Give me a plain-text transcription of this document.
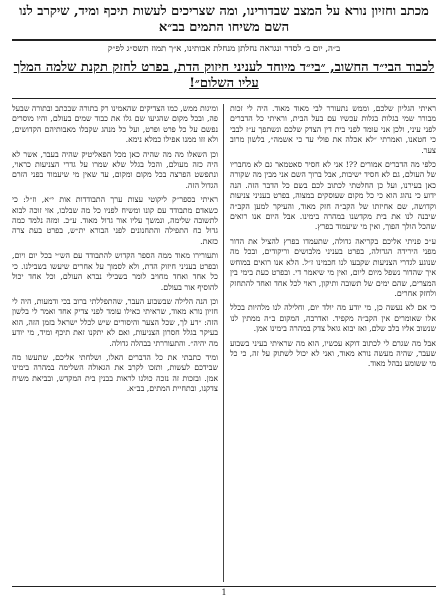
מכתב וחזיון נורא על המצב שבדורינו, ומה שצריכים לעשות תיכף ומיד, שיקרב לנו השם משיחו התמים בב״א
ב״ה, יום ב׳ לסדר ונגראה נחלתן מנחלת אבותינו, א״ך תמוז תשס״ג לפ״ק
לכבוד הבי״ד החשוב, ״בי״ד מיוחד לעניני חיזוק הדת, בפרט לחזק תקנת שלמה המלך עליו השלום״!

ראיתי הגליון שלכם, וממש נתעורר לבי מאוד מאוד. היה לי זכות מבורר שמי בגלות בגלות עכשיו עם בעל הבית, וראיתי כל הדברים לפני עיני, ולכן אני עומד לפני בית דין הצדק שלכם ונשתפך ע״ז לבבי כי חטאנו, ואמרתי ״לא אכלה את פולי עד כי אשמה״, בלשון מרוב צער.

כלפי מה הדברים אמורים ??! אני לא חסיר סאטמאר גם לא מחבריו של העולם, גם לא חסיד ישיבות, אבל ברוך השם אני מבין מה שקורה כאן בעירנו, ועל כן החלטתי לכתוב לכם בשם כל הדבר הזה. הנה ידוע כי נהוג הוא כי כל מקום שעוסקים במצוה, בפרט בעניני צניעות וקדושה, שם אחיזתו של הקב״ה חזק מאוד, והעיקר למען הקב״ה שיבנה לנו את בית מקדשנו במהרה בימינו. אבל היום אנו רואים שהכל הולך הפוך, ואין מי שיעמוד בפרץ.

ע״כ פניתי אליכם בקריאה גדולה, שתעמדו בפרץ להציל את הדור מפני הירידה הגדולה, בפרט בעניני מלבושים וריקודים, ובכל מה שנוגע לגדרי הצניעות שקבעו לנו חכמינו ז״ל. הלא אנו רואים במוחש איך שהדור נשפל מיום ליום, ואין מי שיאמר די. ובפרט כעת בימי בין המצרים, שהם ימים של תשובה ותיקון, ראוי לכל אחד ואחד להתחזק ולחזק אחרים.

כי אם לא נעשה כן, מי יודע מה יולד יום, וחלילה לנו מלהיות בכלל אלו שאומרים אין הקב״ה מקפיד. ואדרבה, המקום ב״ה ממתין לנו שנשוב אליו בלב שלם, ואז יבוא גואל צדק במהרה בימינו אמן.

אבל מה שגרם לי לכתוב דוקא עכשיו, הוא מה שראיתי בעיני בשבוע שעבר, שהיה מעשה נורא מאוד, ואני לא יכול לשתוק על זה, כי כל מי ששומע נבהל מאוד.

ומיגות ממש, כמו הצדיקים שהאמינו רק בתורה שבכתב ובתורה שבעל פה, ובכל מקום שהגיעו שם גלו את כבוד שמים בעולם, והיו מוסרים נפשם על כל פרט ופרט, ועל כל מנהג שקבלו מאבותיהם הקדושים, ולא זזו ממנו אפילו כמלא נימא.

וכן השאלו מה מה שהיה כאן מכל הפאליטיק שהיה בעבר, אשר לא היה כזה מעולם, והכל בגלל שלא שמרו על גדרי הצניעות כראוי, ונתפשט הפרצה בכל מקום ומקום, עד שאין מי שיעמוד בפני הזרם הגדול הזה.

ראיתי בספר״ק ליקוטי עצות ערך התבודדות אות י״א, וז״ל: כי כשאדם מתבודד עם קונו ומשיח לפניו כל מה שבלבו, אזי זוכה לבוא לתשובה שלימה, ונמשך עליו אור גדול מאוד. ע״כ. ומזה נלמד כמה גדול כח התפילה והתחנונים לפני הבורא ית״ש, בפרט בעת צרה כזאת.

ותעורירו מאוד ממה הספר הקדוש להתבודד עם הש״י בכל יום ויום, ובפרט בעניני חיזוק הדת, ולא לסמוך על אחרים שיעשו בשבילנו. כי כל אחד ואחד מחויב לומר בשבילי נברא העולם, וכל אחד יכול להוסיף אור בעולם.

וכן הנה הלילה שבשבוע העבר, שהתפללתי ברוב בכי ודמעות, היה לי חזיון נורא מאוד, שראיתי כאילו עומד לפני צדיק אחד ואמר לי בלשון הזה: ״דע לך, שכל הצער והיסורים שיש לכלל ישראל בזמן הזה, הוא בעיקר בגלל חסרון הצניעות, ואם לא יתקנו זאת תיכף ומיד, מי יודע מה יהיה״. והתעוררתי בבהלה גדולה.

ומיד כתבתי את כל הדברים האלו, ושלחתי אליכם, שתעשו מה שבידכם לעשות, ותזכו לקרב את הגאולה השלימה במהרה בימינו אמן. ובזכות זה נזכה כולנו לראות בבנין בית המקדש, ובביאת משיח צדקנו, ובתחיית המתים, בב״א.

1
